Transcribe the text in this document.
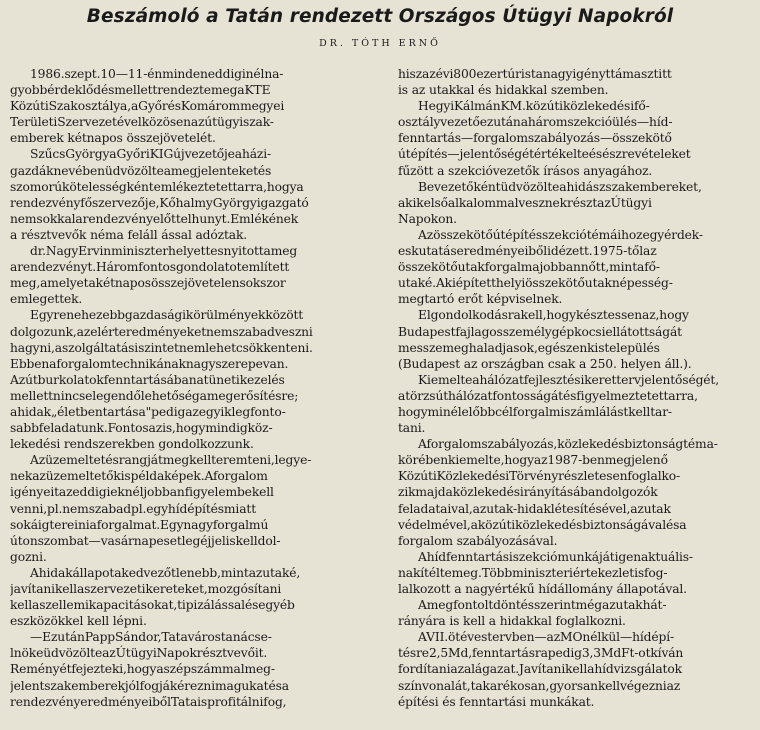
Beszámoló a Tatán rendezett Országos Útügyi Napokról
DR. TÓTH ERNŐ
1986.szept.10—11-énmindeneddiginélna-
gyobbérdeklődésmellettrendeztemegaKTE
KözútiSzakosztálya,aGyőrésKomárommegyei
TerületiSzervezetévelközösenazútügyiszak-
emberek kétnapos összejövetelét.
SzűcsGyörgyaGyőriKIGújvezetőjeaházi-
gazdáknevébenüdvözölteamegjelenteketés
szomorúkötelességkéntemlékeztetettarra,hogya
rendezvényfőszervezője,KőhalmyGyörgyigazgató
nemsokkalarendezvényelőttelhunyt.Emlékének
a résztvevők néma feláll ással adóztak.
dr.NagyErvinminiszterhelyettesnyitottameg
arendezvényt.Háromfontosgondolatotemlített
meg,amelyetakétnaposösszejövetelensokszor
emlegettek.
Egyrenehezebbgazdaságikörülményekközött
dolgozunk,azelérteredményeketnemszabadveszni
hagyni,aszolgáltatásiszintetnemlehetcsökkenteni.
Ebbenaforgalomtechnikánaknagyszerepevan.
Azútburkolatokfenntartásábanatünetikezelés
mellettnincselegendőlehetőségamegerősítésre;
ahidak„életbentartása"pedigazegyiklegfonto-
sabbfeladatunk.Fontosazis,hogymindigköz-
lekedési rendszerekben gondolkozzunk.
Azüzemeltetésrangjátmegkellteremteni,legye-
nekazüzemeltetőkispéldaképek.Aforgalom
igényeitazeddigieknéljobbanfigyelembekell
venni,pl.nemszabadpl.egyhídépítésmiatt
sokáigtereiniaforgalmat.Egynagyforgalmú
útonszombat—vasárnapesetlegéjjeliskelldol-
gozni.
Ahidakállapotakedvezőtlenebb,mintazutaké,
javítanikellaszervezetikereteket,mozgósítani
kellaszellemikapacitásokat,tipizálássalésegyéb
eszközökkel kell lépni.
—EzutánPappSándor,Tatavárostanácse-
lnökeüdvözölteazÚtügyiNapokrésztvevőit.
Reményétfejezteki,hogyaszépszámmalmeg-
jelentszakemberekjólfogjákéreznimagukatésa
rendezvényeredményeibőlTataisprofitálnifog,
hiszazévi800ezertúristanagyigényttámasztitt
is az utakkal és hidakkal szemben.
HegyiKálmánKM.közútiközlekedésifő-
osztályvezetőezutánaháromszekcióülés—híd-
fenntartás—forgalomszabályozás—összekötő
útépítés—jelentőségétértékelteésészrevételeket
fűzött a szekcióvezetők írásos anyagához.
Bevezetőkéntüdvözölteahidászszakembereket,
akikelsőalkalommalvesznekrésztazÚtügyi
Napokon.
Azösszekötőútépítésszekciótémáihozegyérdek-
eskutatáseredményeibőlidézett.1975-tőlaz
összekötőutakforgalmajobbannőtt,mintafő-
utaké.Akiépítetthelyiösszekötőutaknépesség-
megtartó erőt képviselnek.
Elgondolkodásrakell,hogykésztessenaz,hogy
Budapestfajlagosszemélygépkocsiellátottságát
messzemeghaladjasok,egészenkistelepülés
(Budapest az országban csak a 250. helyen áll.).
Kiemelteahálózatfejlesztésikerettervjelentőségét,
atörzsúthálózatfontosságátésfigyelmeztetettarra,
hogyminélelőbbcélforgalmiszámlálástkelltar-
tani.
Aforgalomszabályozás,közlekedésbiztonságtéma-
körébenkiemelte,hogyaz1987-benmegjelenő
KözútiKözlekedésiTörvényrészletesenfoglalko-
zikmajdaközlekedésirányításábandolgozók
feladataival,azutak-hidaklétesítésével,azutak
védelmével,aközútiközlekedésbiztonságávalésa
forgalom szabályozásával.
Ahídfenntartásiszekciómunkájátigenaktuális-
nakítéltemeg.Többminiszteriértekezletisfog-
lalkozott a nagyértékű hídállomány állapotával.
Amegfontoltdöntésszerintmégazutakhát-
rányára is kell a hidakkal foglalkozni.
AVII.ötévestervben—azMOnélkül—hídépí-
tésre2,5Md,fenntartásrapedig3,3MdFt-otkíván
fordítaniazalágazat.Javítanikellahídvizsgálatok
színvonalát,takarékosan,gyorsankellvégezniaz
építési és fenntartási munkákat.
